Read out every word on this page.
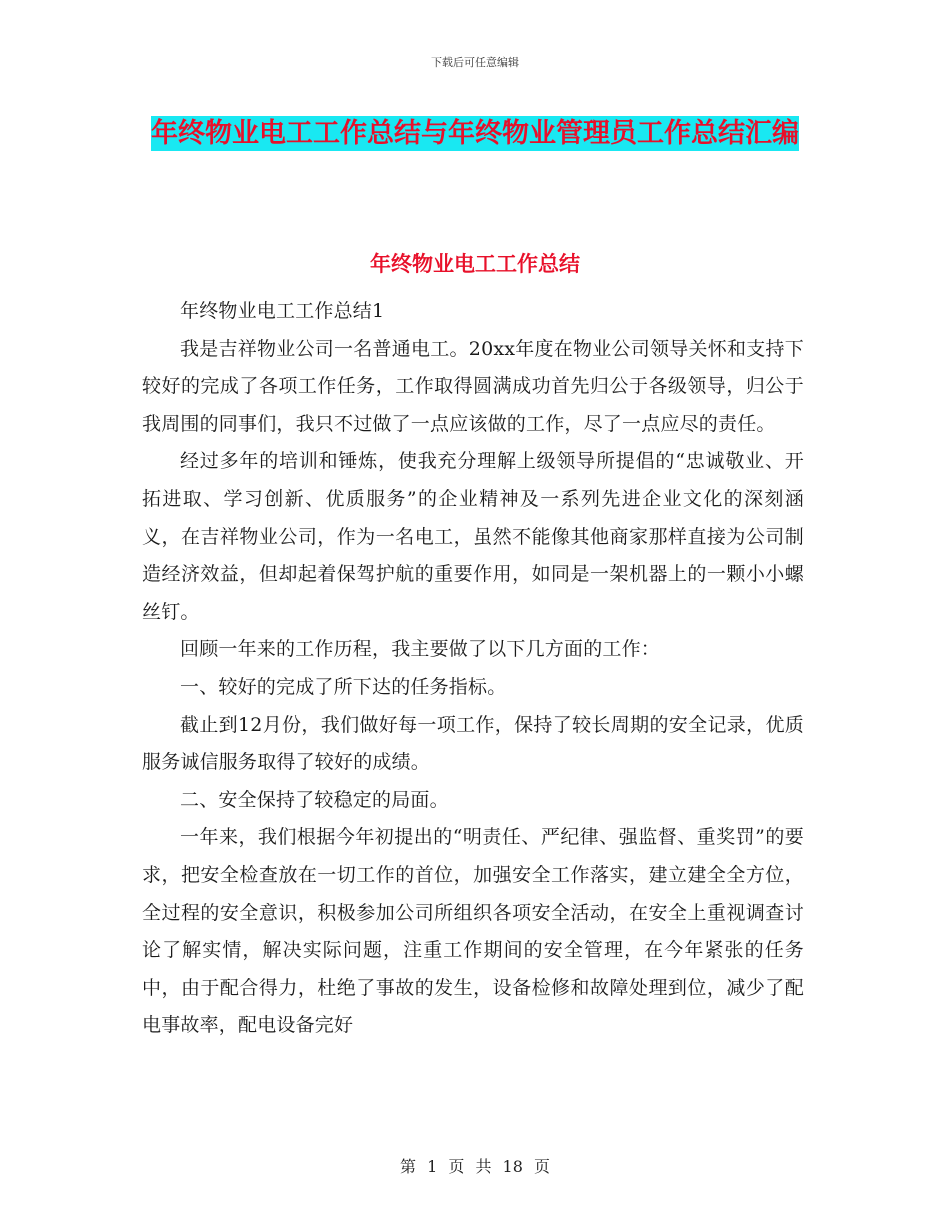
下载后可任意编辑
年终物业电工工作总结与年终物业管理员工作总结汇编
年终物业电工工作总结

年终物业电工工作总结1

我是吉祥物业公司一名普通电工。20xx年度在物业公司领导关怀和支持下较好的完成了各项工作任务，工作取得圆满成功首先归公于各级领导，归公于我周围的同事们，我只不过做了一点应该做的工作，尽了一点应尽的责任。

经过多年的培训和锤炼，使我充分理解上级领导所提倡的“忠诚敬业、开拓进取、学习创新、优质服务”的企业精神及一系列先进企业文化的深刻涵义，在吉祥物业公司，作为一名电工，虽然不能像其他商家那样直接为公司制造经济效益，但却起着保驾护航的重要作用，如同是一架机器上的一颗小小螺丝钉。

回顾一年来的工作历程，我主要做了以下几方面的工作：

一、较好的完成了所下达的任务指标。

截止到12月份，我们做好每一项工作，保持了较长周期的安全记录，优质服务诚信服务取得了较好的成绩。

二、安全保持了较稳定的局面。

一年来，我们根据今年初提出的“明责任、严纪律、强监督、重奖罚”的要求，把安全检查放在一切工作的首位，加强安全工作落实，建立建全全方位，全过程的安全意识，积极参加公司所组织各项安全活动，在安全上重视调查讨论了解实情，解决实际问题，注重工作期间的安全管理，在今年紧张的任务中，由于配合得力，杜绝了事故的发生，设备检修和故障处理到位，减少了配电事故率，配电设备完好

第 1 页 共 18 页
